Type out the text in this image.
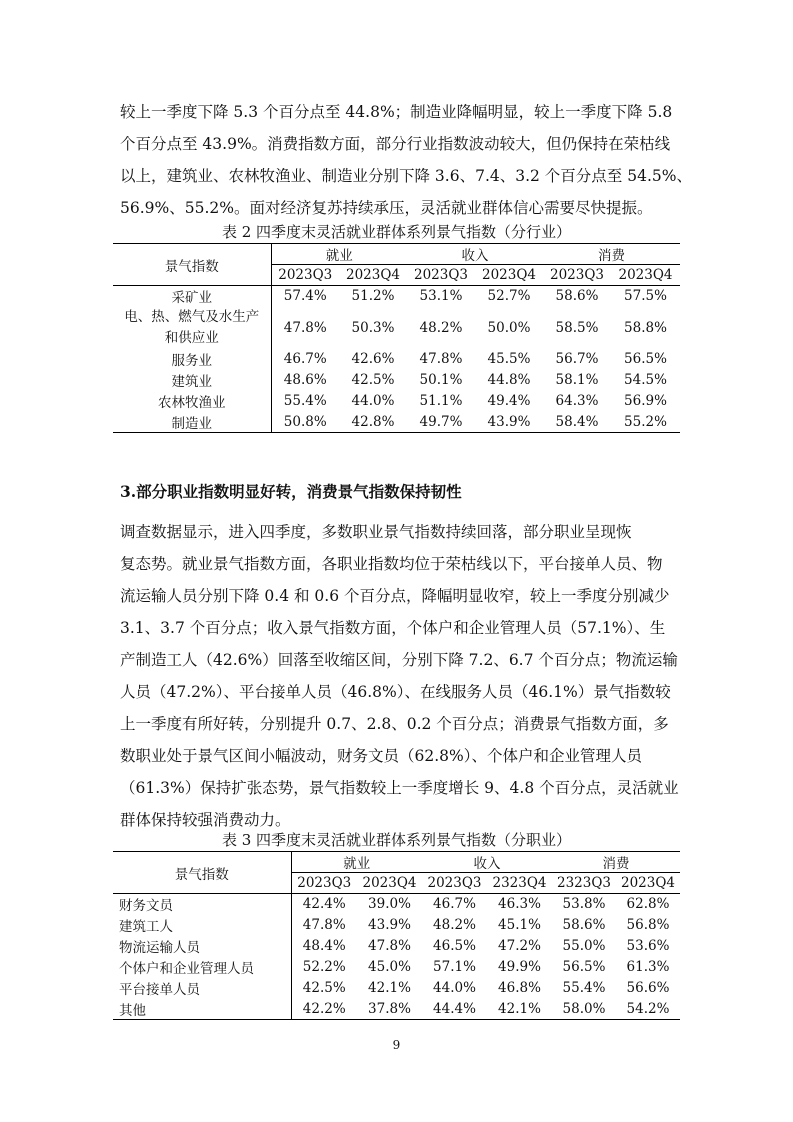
较上一季度下降 5.3 个百分点至 44.8%；制造业降幅明显，较上一季度下降 5.8
个百分点至 43.9%。消费指数方面，部分行业指数波动较大，但仍保持在荣枯线
以上，建筑业、农林牧渔业、制造业分别下降 3.6、7.4、3.2 个百分点至 54.5%、
56.9%、55.2%。面对经济复苏持续承压，灵活就业群体信心需要尽快提振。
表 2 四季度末灵活就业群体系列景气指数（分行业）
景气指数	就业		收入		消费	
	2023Q3	2023Q4	2023Q3	2023Q4	2023Q3	2023Q4
采矿业	57.4%	51.2%	53.1%	52.7%	58.6%	57.5%

电、热、燃气及水生产
和供应业	47.8%	50.3%	48.2%	50.0%	58.5%	58.8%
服务业	46.7%	42.6%	47.8%	45.5%	56.7%	56.5%
建筑业	48.6%	42.5%	50.1%	44.8%	58.1%	54.5%
农林牧渔业	55.4%	44.0%	51.1%	49.4%	64.3%	56.9%
制造业	50.8%	42.8%	49.7%	43.9%	58.4%	55.2%
3.部分职业指数明显好转，消费景气指数保持韧性
调查数据显示，进入四季度，多数职业景气指数持续回落，部分职业呈现恢
复态势。就业景气指数方面，各职业指数均位于荣枯线以下，平台接单人员、物
流运输人员分别下降 0.4 和 0.6 个百分点，降幅明显收窄，较上一季度分别减少
3.1、3.7 个百分点；收入景气指数方面，个体户和企业管理人员（57.1%）、生
产制造工人（42.6%）回落至收缩区间，分别下降 7.2、6.7 个百分点；物流运输
人员（47.2%）、平台接单人员（46.8%）、在线服务人员（46.1%）景气指数较
上一季度有所好转，分别提升 0.7、2.8、0.2 个百分点；消费景气指数方面，多
数职业处于景气区间小幅波动，财务文员（62.8%）、个体户和企业管理人员
（61.3%）保持扩张态势，景气指数较上一季度增长 9、4.8 个百分点，灵活就业
群体保持较强消费动力。
表 3 四季度末灵活就业群体系列景气指数（分职业）
景气指数	就业		收入		消费	
	2023Q3	2023Q4	2023Q3	2323Q4	2323Q3	2023Q4
财务文员	42.4%	39.0%	46.7%	46.3%	53.8%	62.8%
建筑工人	47.8%	43.9%	48.2%	45.1%	58.6%	56.8%
物流运输人员	48.4%	47.8%	46.5%	47.2%	55.0%	53.6%
个体户和企业管理人员	52.2%	45.0%	57.1%	49.9%	56.5%	61.3%
平台接单人员	42.5%	42.1%	44.0%	46.8%	55.4%	56.6%
其他	42.2%	37.8%	44.4%	42.1%	58.0%	54.2%
9
